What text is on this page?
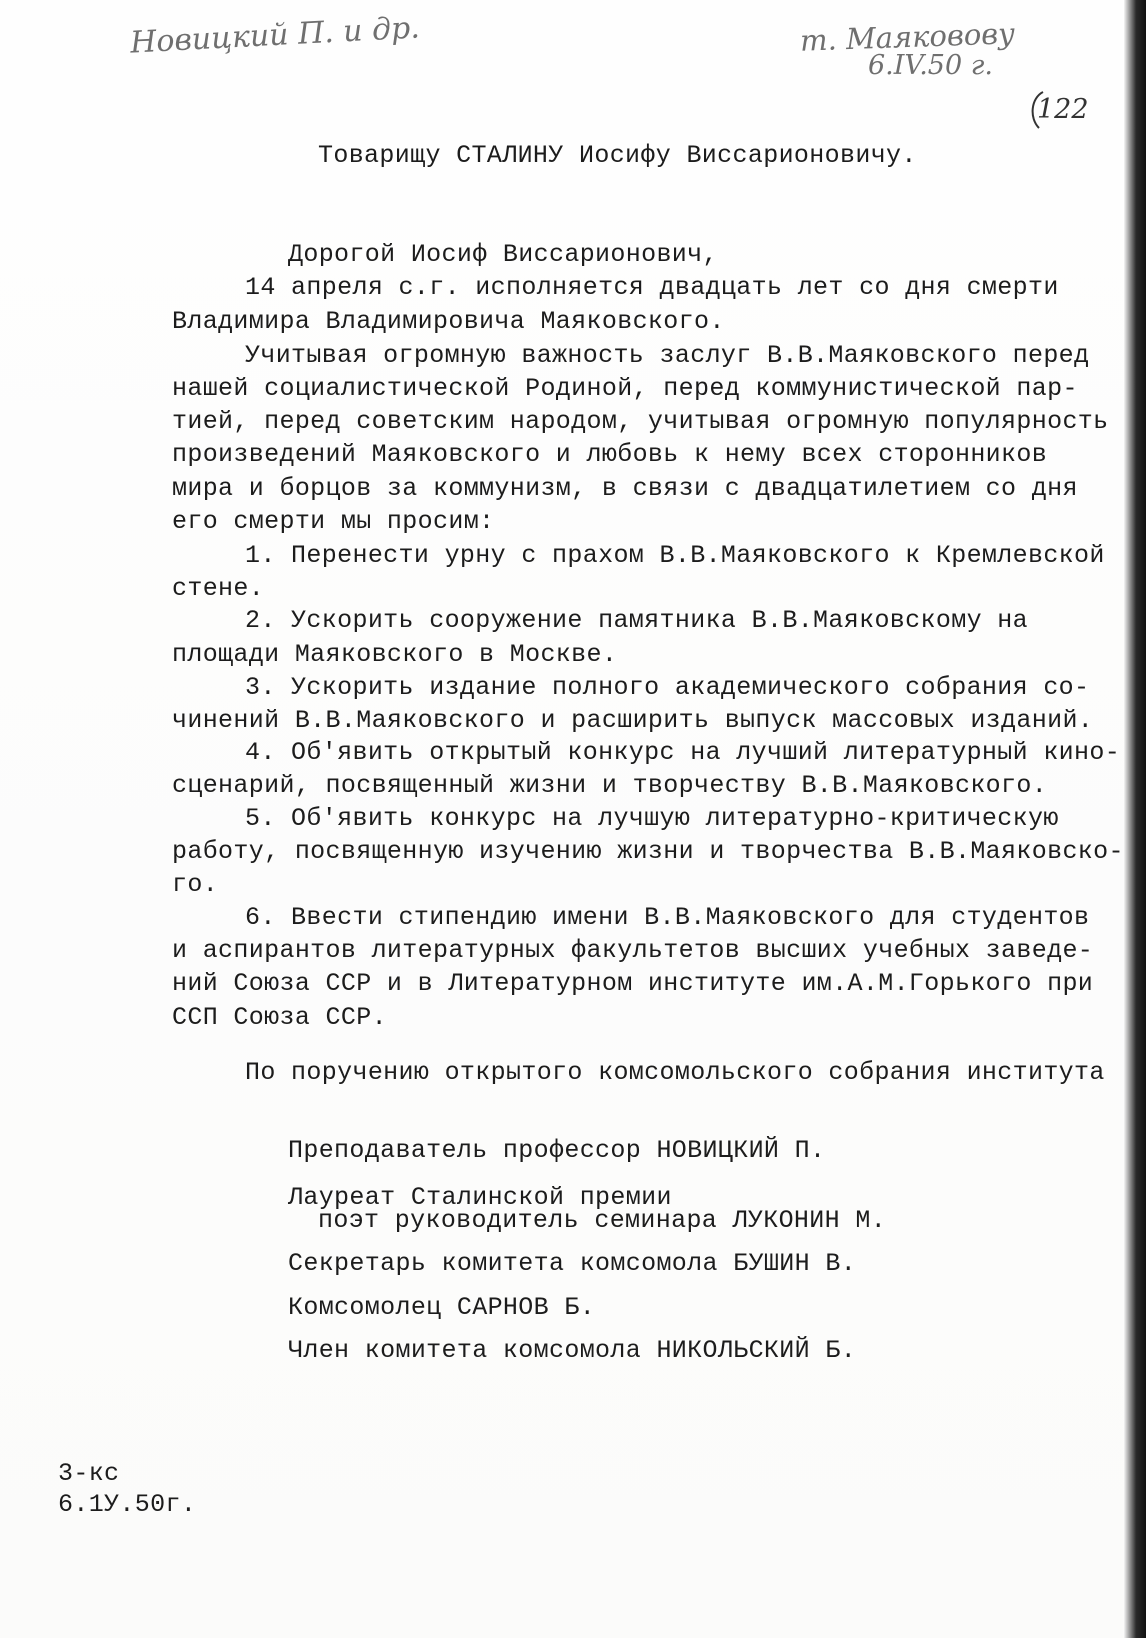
Новицкий П. и др.	т. Маяковову
6.IV.50 г.
122
Товарищу СТАЛИНУ Иосифу Виссарионовичу.
Дорогой Иосиф Виссарионович,
14 апреля с.г. исполняется двадцать лет со дня смерти
Владимира Владимировича Маяковского.
Учитывая огромную важность заслуг В.В.Маяковского перед
нашей социалистической Родиной, перед коммунистической пар-
тией, перед советским народом, учитывая огромную популярность
произведений Маяковского и любовь к нему всех сторонников
мира и борцов за коммунизм, в связи с двадцатилетием со дня
его смерти мы просим:
1. Перенести урну с прахом В.В.Маяковского к Кремлевской
стене.
2. Ускорить сооружение памятника В.В.Маяковскому на
площади Маяковского в Москве.
3. Ускорить издание полного академического собрания со-
чинений В.В.Маяковского и расширить выпуск массовых изданий.
4. Об'явить открытый конкурс на лучший литературный кино-
сценарий, посвященный жизни и творчеству В.В.Маяковского.
5. Об'явить конкурс на лучшую литературно-критическую
работу, посвященную изучению жизни и творчества В.В.Маяковско-
го.
6. Ввести стипендию имени В.В.Маяковского для студентов
и аспирантов литературных факультетов высших учебных заведе-
ний Союза ССР и в Литературном институте им.А.М.Горького при
ССП Союза ССР.
По поручению открытого комсомольского собрания института
Преподаватель профессор НОВИЦКИЙ П.
Лауреат Сталинской премии
поэт руководитель семинара ЛУКОНИН М.
Секретарь комитета комсомола БУШИН В.
Комсомолец САРНОВ Б.
Член комитета комсомола НИКОЛЬСКИЙ Б.
3-кс
6.1У.50г.
